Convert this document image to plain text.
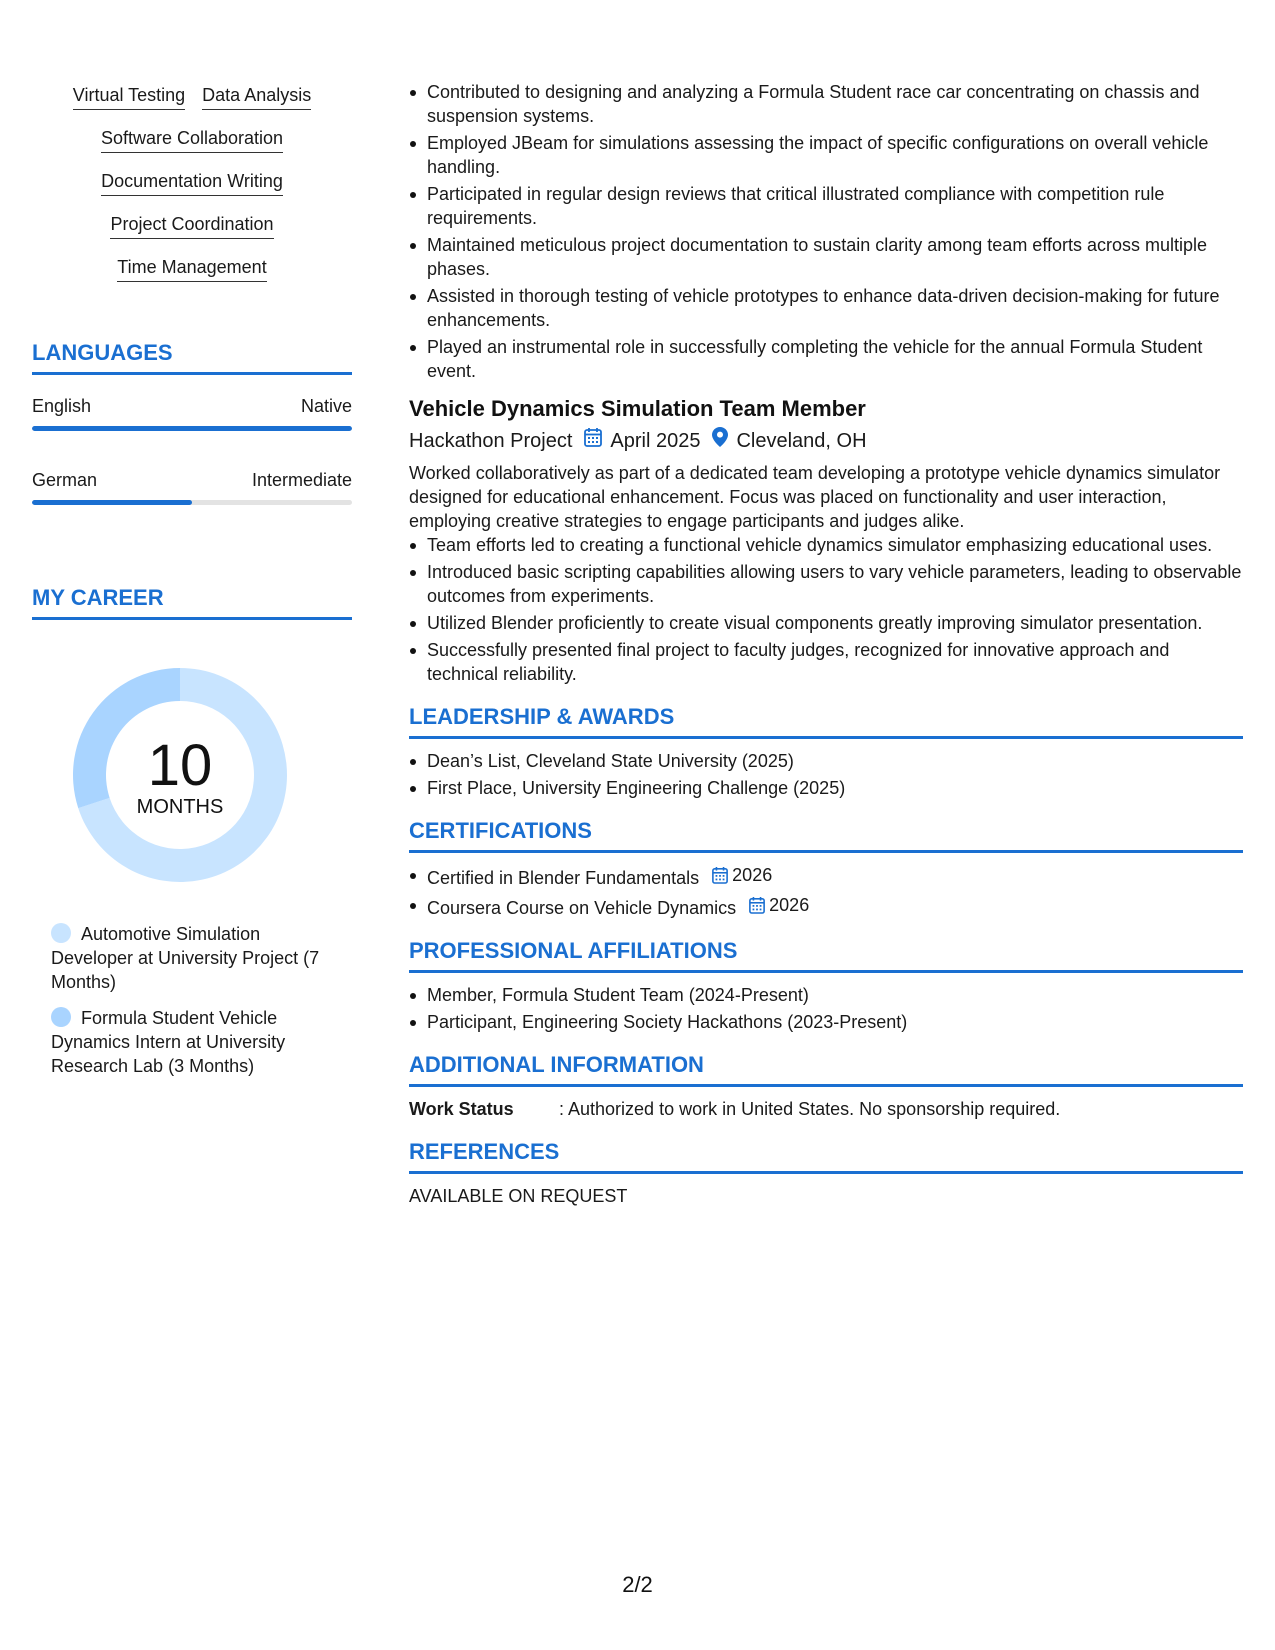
Virtual Testing Data Analysis
Software Collaboration
Documentation Writing
Project Coordination
Time Management
LANGUAGES
English	Native
German	Intermediate
MY CAREER
10
MONTHS
Automotive Simulation Developer at University Project (7 Months)
Formula Student Vehicle Dynamics Intern at University Research Lab (3 Months)
Contributed to designing and analyzing a Formula Student race car concentrating on chassis and suspension systems.
Employed JBeam for simulations assessing the impact of specific configurations on overall vehicle handling.
Participated in regular design reviews that critical illustrated compliance with competition rule requirements.
Maintained meticulous project documentation to sustain clarity among team efforts across multiple phases.
Assisted in thorough testing of vehicle prototypes to enhance data-driven decision-making for future enhancements.
Played an instrumental role in successfully completing the vehicle for the annual Formula Student event.
Vehicle Dynamics Simulation Team Member
Hackathon Project April 2025 Cleveland, OH
Worked collaboratively as part of a dedicated team developing a prototype vehicle dynamics simulator designed for educational enhancement. Focus was placed on functionality and user interaction, employing creative strategies to engage participants and judges alike.
Team efforts led to creating a functional vehicle dynamics simulator emphasizing educational uses.
Introduced basic scripting capabilities allowing users to vary vehicle parameters, leading to observable outcomes from experiments.
Utilized Blender proficiently to create visual components greatly improving simulator presentation.
Successfully presented final project to faculty judges, recognized for innovative approach and technical reliability.
LEADERSHIP & AWARDS
Dean’s List, Cleveland State University (2025)
First Place, University Engineering Challenge (2025)
CERTIFICATIONS
Certified in Blender Fundamentals 2026
Coursera Course on Vehicle Dynamics 2026
PROFESSIONAL AFFILIATIONS
Member, Formula Student Team (2024-Present)
Participant, Engineering Society Hackathons (2023-Present)
ADDITIONAL INFORMATION
Work Status	: Authorized to work in United States. No sponsorship required.
REFERENCES
AVAILABLE ON REQUEST
2/2
